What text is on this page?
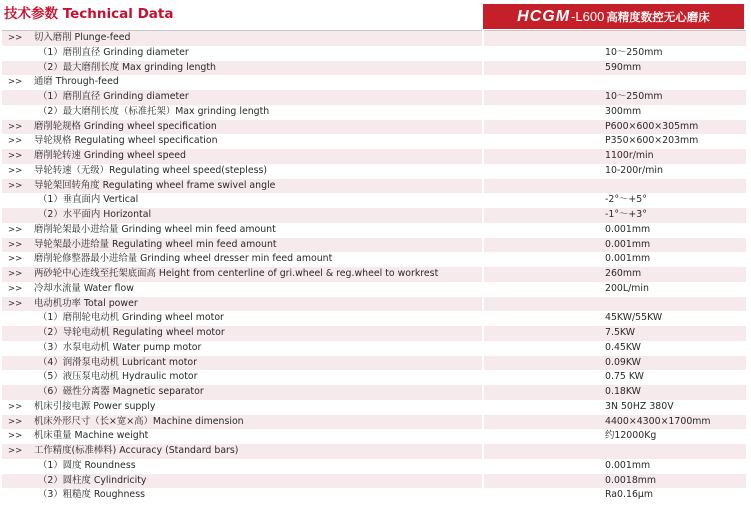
技术参数 Technical Data	HCGM -L600 高精度数控无心磨床
>>	切入磨削 Plunge-feed
（1）磨削直径 Grinding diameter	10～250mm
（2）最大磨削长度 Max grinding length	590mm
>>	通磨 Through-feed
（1）磨削直径 Grinding diameter	10～250mm
（2）最大磨削长度（标准托架）Max grinding length	300mm
>>	磨削轮规格 Grinding wheel specification	P600×600×305mm
>>	导轮规格 Regulating wheel specification	P350×600×203mm
>>	磨削轮转速 Grinding wheel speed	1100r/min
>>	导轮转速（无级）Regulating wheel speed(stepless)	10-200r/min
>>	导轮架回转角度 Regulating wheel frame swivel angle
（1）垂直面内 Vertical	-2°～+5°
（2）水平面内 Horizontal	-1°～+3°
>>	磨削轮架最小进给量 Grinding wheel min feed amount	0.001mm
>>	导轮架最小进给量 Regulating wheel min feed amount	0.001mm
>>	磨削轮修整器最小进给量 Grinding wheel dresser min feed amount	0.001mm
>>	两砂轮中心连线至托架底面高 Height from centerline of gri.wheel & reg.wheel to workrest	260mm
>>	冷却水流量 Water flow	200L/min
>>	电动机功率 Total power
（1）磨削轮电动机 Grinding wheel motor	45KW/55KW
（2）导轮电动机 Regulating wheel motor	7.5KW
（3）水泵电动机 Water pump motor	0.45KW
（4）润滑泵电动机 Lubricant motor	0.09KW
（5）液压泵电动机 Hydraulic motor	0.75 KW
（6）磁性分离器 Magnetic separator	0.18KW
>>	机床引接电源 Power supply	3N 50HZ 380V
>>	机床外形尺寸（长×宽×高）Machine dimension	4400×4300×1700mm
>>	机床重量 Machine weight	约12000Kg
>>	工作精度(标准棒料) Accuracy (Standard bars)
（1）圆度 Roundness	0.001mm
（2）圆柱度 Cylindricity	0.0018mm
（3）粗糙度 Roughness	Ra0.16μm
